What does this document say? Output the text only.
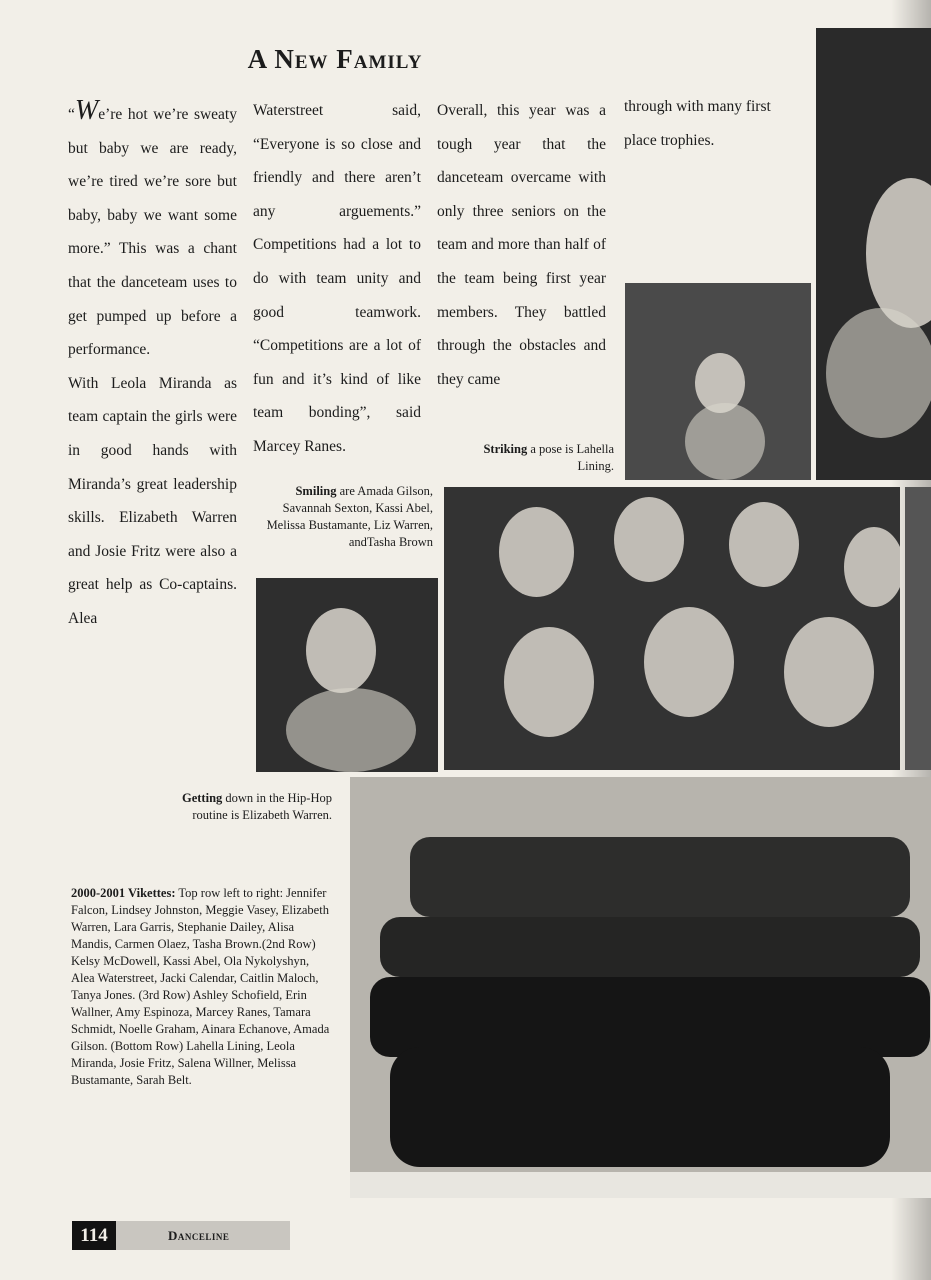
A New Family

“We’re hot we’re sweaty but baby we are ready, we’re tired we’re sore but baby, baby we want some more.” This was a chant that the danceteam uses to get pumped up before a performance.

With Leola Miranda as team captain the girls were in good hands with Miranda’s great leadership skills. Elizabeth Warren and Josie Fritz were also a great help as Co-captains. Alea

Waterstreet said, “Everyone is so close and friendly and there aren’t any arguements.” Competitions had a lot to do with team unity and good teamwork. “Competitions are a lot of fun and it’s kind of like team bonding”, said Marcey Ranes.

Overall, this year was a tough year that the danceteam overcame with only three seniors on the team and more than half of the team being first year members. They battled through the obstacles and they came

through with many first place trophies.

Striking a pose is Lahella Lining.
Smiling are Amada Gilson, Savannah Sexton, Kassi Abel, Melissa Bustamante, Liz Warren, andTasha Brown
Getting down in the Hip-Hop routine is Elizabeth Warren.
2000-2001 Vikettes: Top row left to right: Jennifer Falcon, Lindsey Johnston, Meggie Vasey, Elizabeth Warren, Lara Garris, Stephanie Dailey, Alisa Mandis, Carmen Olaez, Tasha Brown.(2nd Row) Kelsy McDowell, Kassi Abel, Ola Nykolyshyn, Alea Waterstreet, Jacki Calendar, Caitlin Maloch, Tanya Jones. (3rd Row) Ashley Schofield, Erin Wallner, Amy Espinoza, Marcey Ranes, Tamara Schmidt, Noelle Graham, Ainara Echanove, Amada Gilson. (Bottom Row) Lahella Lining, Leola Miranda, Josie Fritz, Salena Willner, Melissa Bustamante, Sarah Belt.
114	Danceline
